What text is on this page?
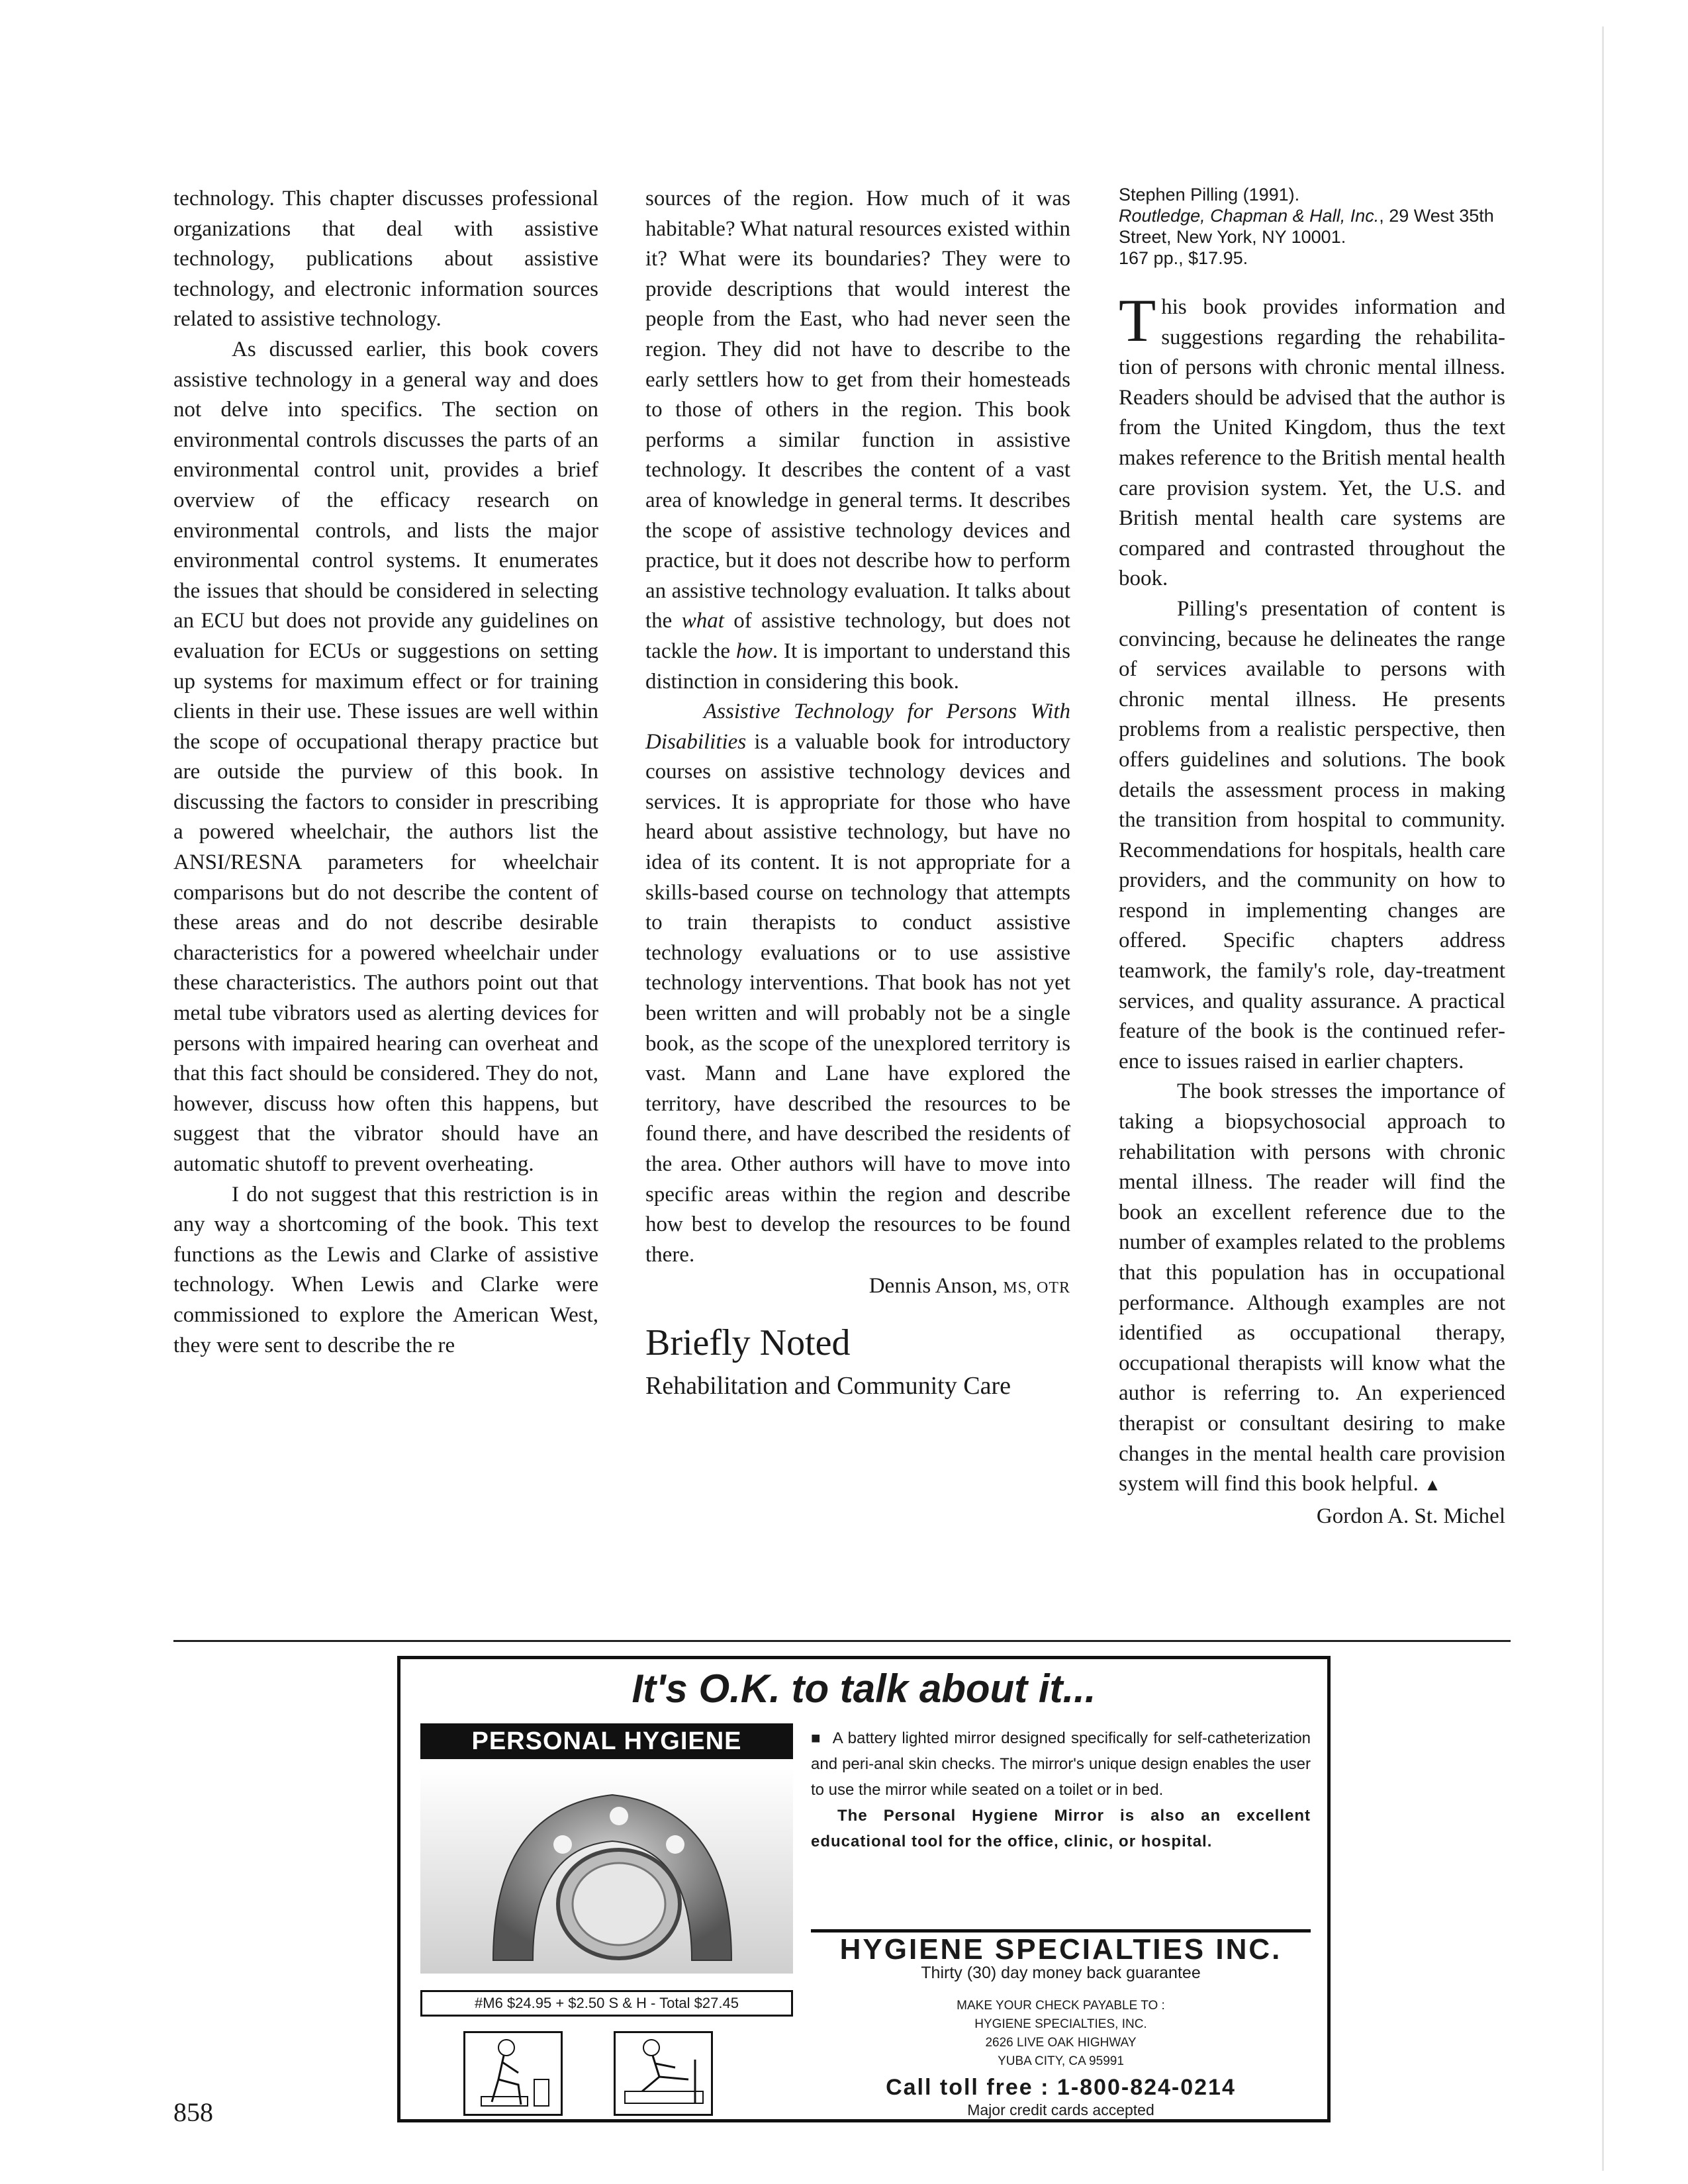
technology. This chapter discusses professional organizations that deal with assistive technology, publications about assistive technology, and electronic information sources related to assistive technology.

As discussed earlier, this book covers assistive technology in a general way and does not delve into specifics. The section on environmental controls discusses the parts of an environmental control unit, provides a brief overview of the efficacy research on environmental controls, and lists the major environmental control systems. It enumerates the issues that should be considered in selecting an ECU but does not provide any guidelines on evaluation for ECUs or suggestions on setting up systems for maximum effect or for training clients in their use. These issues are well within the scope of occupational therapy practice but are outside the purview of this book. In discussing the factors to consider in prescribing a powered wheelchair, the authors list the ANSI/RESNA parameters for wheelchair comparisons but do not describe the content of these areas and do not describe desirable characteristics for a powered wheelchair under these characteristics. The authors point out that metal tube vibrators used as alerting devices for persons with impaired hearing can overheat and that this fact should be considered. They do not, however, discuss how often this happens, but suggest that the vibrator should have an automatic shutoff to prevent overheating.

I do not suggest that this restriction is in any way a shortcoming of the book. This text functions as the Lewis and Clarke of assistive technology. When Lewis and Clarke were commissioned to explore the American West, they were sent to describe the re

sources of the region. How much of it was habitable? What natural resources existed within it? What were its boundaries? They were to provide descriptions that would interest the people from the East, who had never seen the region. They did not have to describe to the early settlers how to get from their homesteads to those of others in the region. This book performs a similar function in assistive technology. It describes the content of a vast area of knowledge in general terms. It describes the scope of assistive technology devices and practice, but it does not describe how to perform an assistive technology evaluation. It talks about the what of assistive technology, but does not tackle the how. It is important to understand this distinction in considering this book.

Assistive Technology for Persons With Disabilities is a valuable book for introductory courses on assistive technology devices and services. It is appropriate for those who have heard about assistive technology, but have no idea of its content. It is not appropriate for a skills-based course on technology that attempts to train therapists to conduct assistive technology evaluations or to use assistive technology interventions. That book has not yet been written and will probably not be a single book, as the scope of the unexplored territory is vast. Mann and Lane have explored the territory, have described the resources to be found there, and have described the residents of the area. Other authors will have to move into specific areas within the region and describe how best to develop the resources to be found there.

Dennis Anson, MS, OTR
Briefly Noted
Rehabilitation and Community Care
Stephen Pilling (1991).
Routledge, Chapman & Hall, Inc., 29 West 35th Street, New York, NY 10001.
167 pp., $17.95.

This book provides information and suggestions regarding the rehabilitation of persons with chronic mental illness. Readers should be advised that the author is from the United Kingdom, thus the text makes reference to the British mental health care provision system. Yet, the U.S. and British mental health care systems are compared and contrasted throughout the book.

Pilling's presentation of content is convincing, because he delineates the range of services available to persons with chronic mental illness. He presents problems from a realistic perspective, then offers guidelines and solutions. The book details the assessment process in making the transition from hospital to community. Recommendations for hospitals, health care providers, and the community on how to respond in implementing changes are offered. Specific chapters address teamwork, the family's role, day-treatment services, and quality assurance. A practical feature of the book is the continued reference to issues raised in earlier chapters.

The book stresses the importance of taking a biopsychosocial approach to rehabilitation with persons with chronic mental illness. The reader will find the book an excellent reference due to the number of examples related to the problems that this population has in occupational performance. Although examples are not identified as occupational therapy, occupational therapists will know what the author is referring to. An experienced therapist or consultant desiring to make changes in the mental health care provision system will find this book helpful. ▲

Gordon A. St. Michel
It's O.K. to talk about it...
PERSONAL HYGIENE
#M6 $24.95 + $2.50 S & H - Total $27.45
■ A battery lighted mirror designed specifically for self-catheterization and peri-anal skin checks. The mirror's unique design enables the user to use the mirror while seated on a toilet or in bed.
The Personal Hygiene Mirror is also an excellent educational tool for the office, clinic, or hospital.
HYGIENE SPECIALTIES INC.
Thirty (30) day money back guarantee
MAKE YOUR CHECK PAYABLE TO :
HYGIENE SPECIALTIES, INC.
2626 LIVE OAK HIGHWAY
YUBA CITY, CA 95991
Call toll free : 1-800-824-0214
Major credit cards accepted
858
